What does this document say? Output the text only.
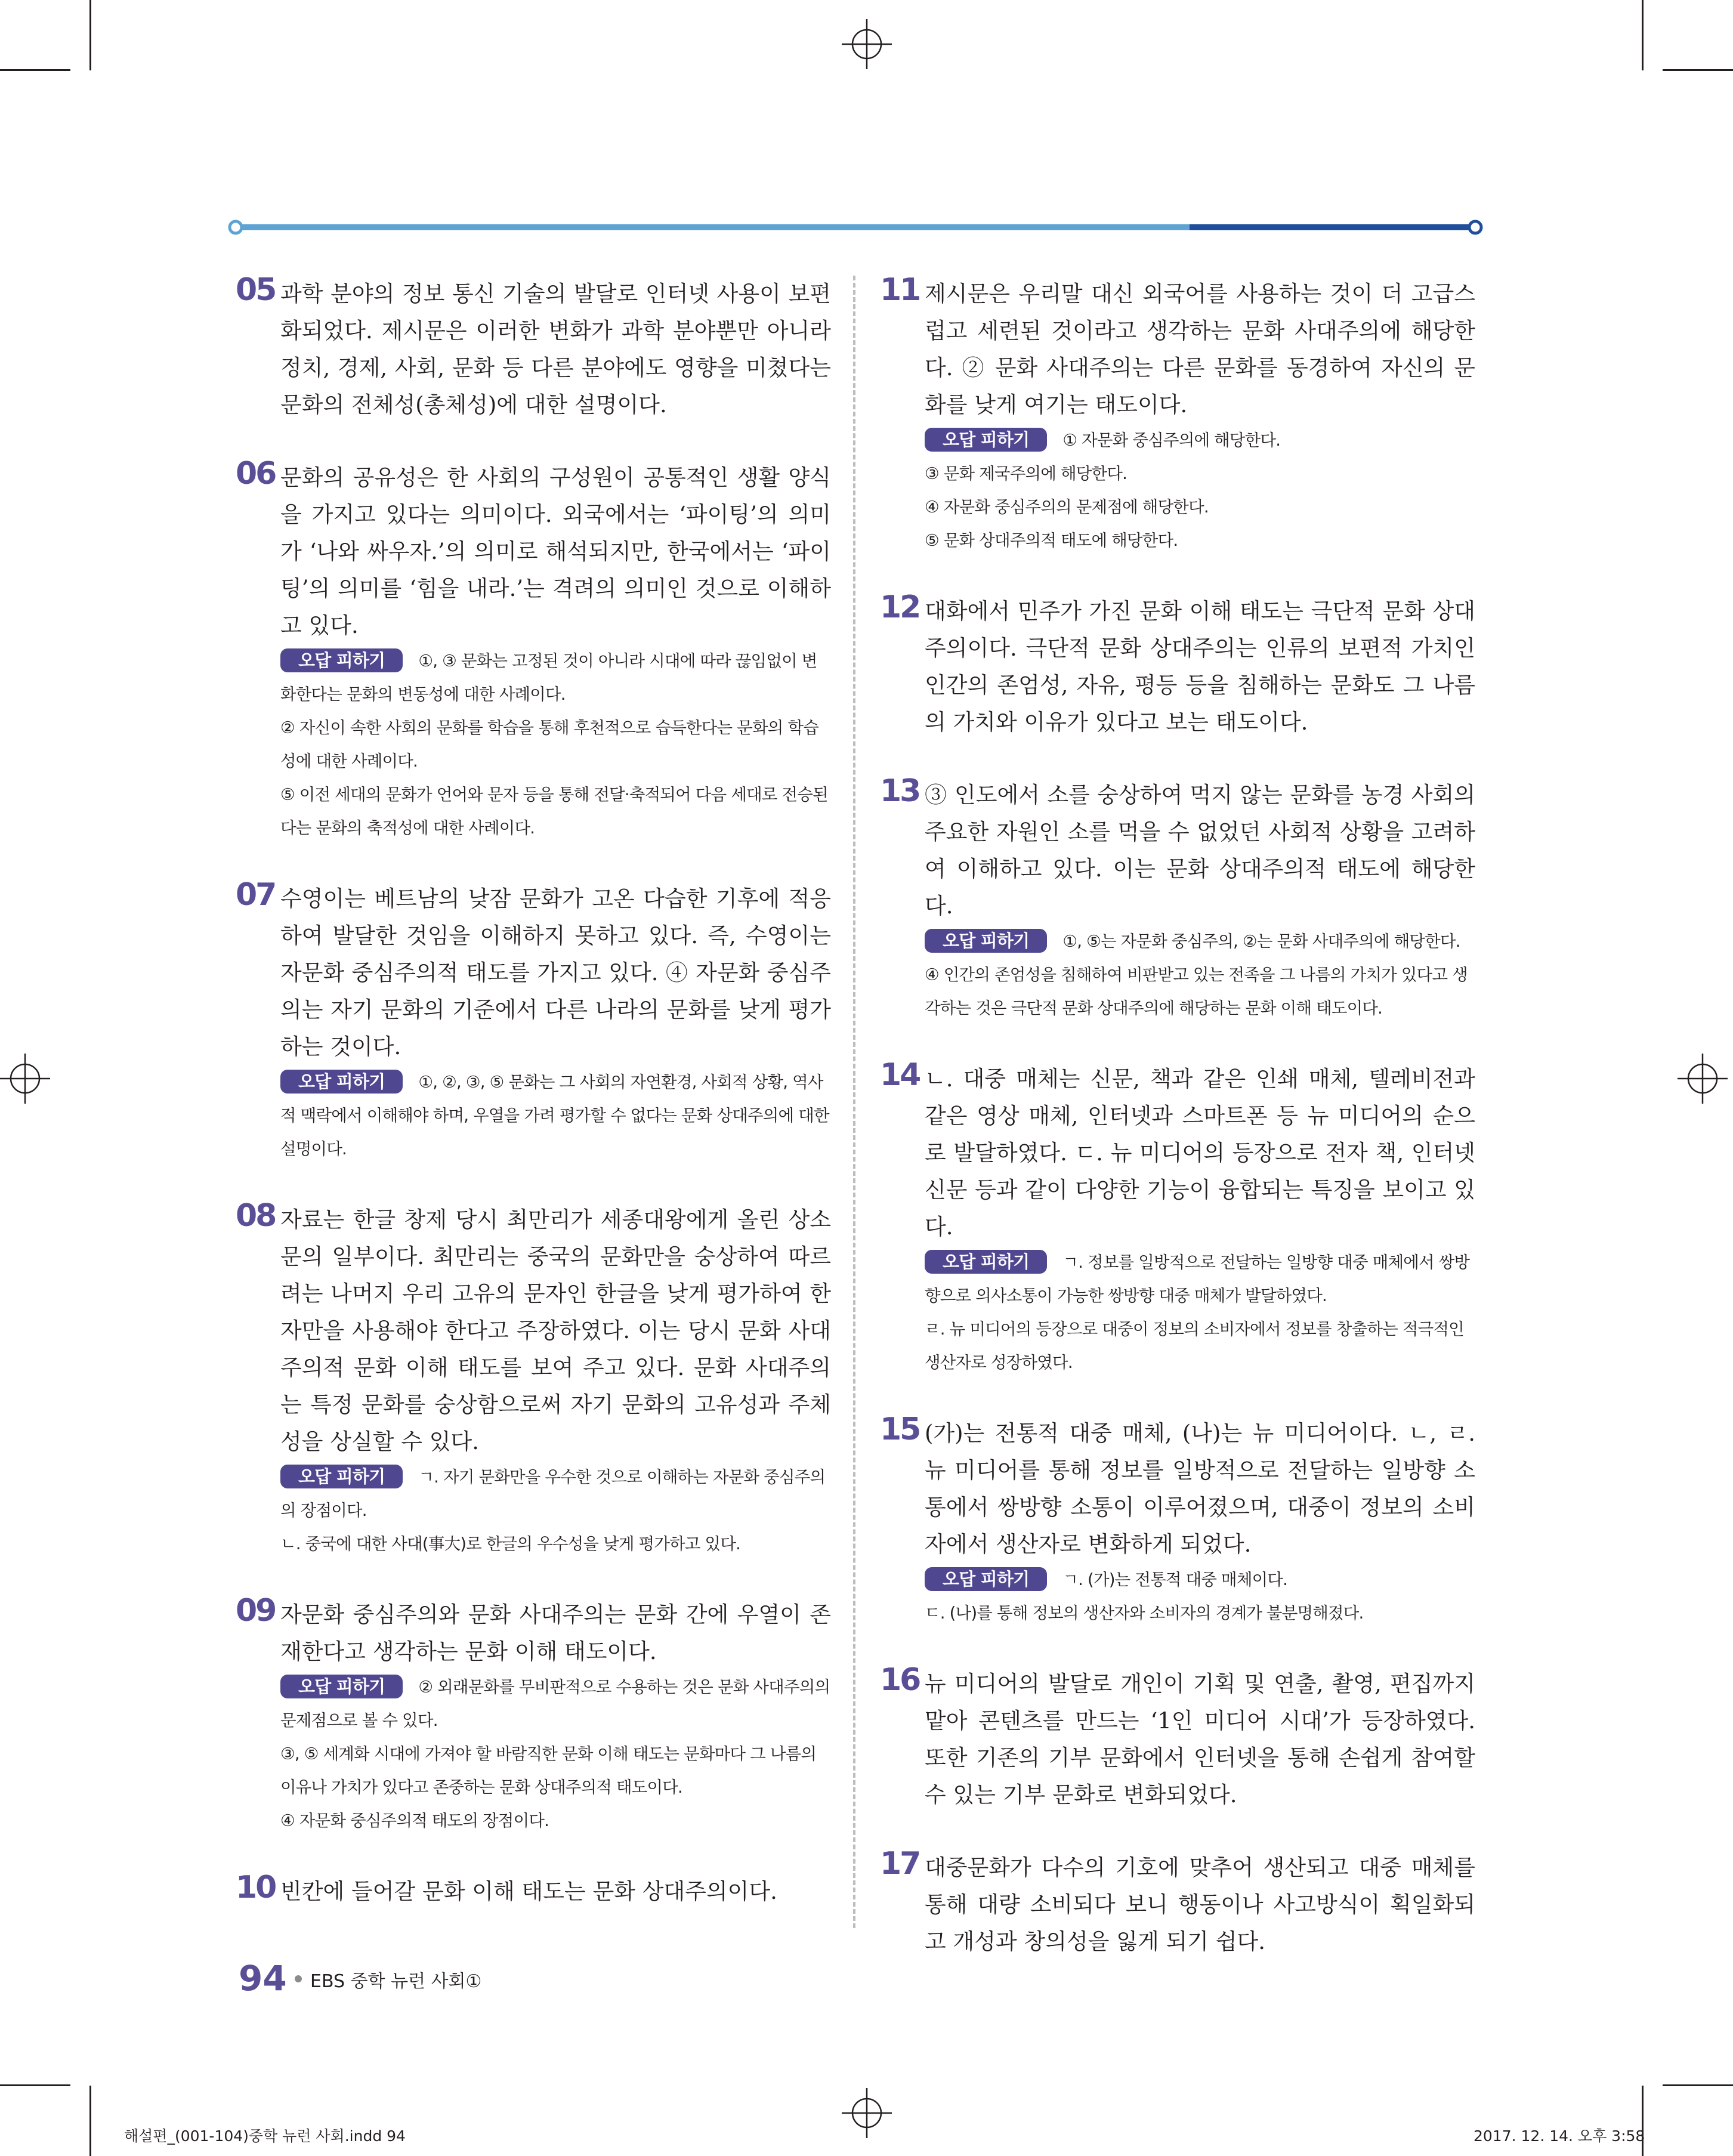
05 과학 분야의 정보 통신 기술의 발달로 인터넷 사용이 보편화되었다. 제시문은 이러한 변화가 과학 분야뿐만 아니라 정치, 경제, 사회, 문화 등 다른 분야에도 영향을 미쳤다는 문화의 전체성(총체성)에 대한 설명이다.
06 문화의 공유성은 한 사회의 구성원이 공통적인 생활 양식을 가지고 있다는 의미이다. 외국에서는 ‘파이팅’의 의미가 ‘나와 싸우자.’의 의미로 해석되지만, 한국에서는 ‘파이팅’의 의미를 ‘힘을 내라.’는 격려의 의미인 것으로 이해하고 있다.

오답 피하기 ①, ③ 문화는 고정된 것이 아니라 시대에 따라 끊임없이 변화한다는 문화의 변동성에 대한 사례이다.

② 자신이 속한 사회의 문화를 학습을 통해 후천적으로 습득한다는 문화의 학습성에 대한 사례이다.

⑤ 이전 세대의 문화가 언어와 문자 등을 통해 전달·축적되어 다음 세대로 전승된다는 문화의 축적성에 대한 사례이다.

07 수영이는 베트남의 낮잠 문화가 고온 다습한 기후에 적응하여 발달한 것임을 이해하지 못하고 있다. 즉, 수영이는 자문화 중심주의적 태도를 가지고 있다. ④ 자문화 중심주의는 자기 문화의 기준에서 다른 나라의 문화를 낮게 평가하는 것이다.

오답 피하기 ①, ②, ③, ⑤ 문화는 그 사회의 자연환경, 사회적 상황, 역사적 맥락에서 이해해야 하며, 우열을 가려 평가할 수 없다는 문화 상대주의에 대한 설명이다.

08 자료는 한글 창제 당시 최만리가 세종대왕에게 올린 상소문의 일부이다. 최만리는 중국의 문화만을 숭상하여 따르려는 나머지 우리 고유의 문자인 한글을 낮게 평가하여 한자만을 사용해야 한다고 주장하였다. 이는 당시 문화 사대주의적 문화 이해 태도를 보여 주고 있다. 문화 사대주의는 특정 문화를 숭상함으로써 자기 문화의 고유성과 주체성을 상실할 수 있다.

오답 피하기 ㄱ. 자기 문화만을 우수한 것으로 이해하는 자문화 중심주의의 장점이다.

ㄴ. 중국에 대한 사대(事大)로 한글의 우수성을 낮게 평가하고 있다.

09 자문화 중심주의와 문화 사대주의는 문화 간에 우열이 존재한다고 생각하는 문화 이해 태도이다.

오답 피하기 ② 외래문화를 무비판적으로 수용하는 것은 문화 사대주의의 문제점으로 볼 수 있다.

③, ⑤ 세계화 시대에 가져야 할 바람직한 문화 이해 태도는 문화마다 그 나름의 이유나 가치가 있다고 존중하는 문화 상대주의적 태도이다.

④ 자문화 중심주의적 태도의 장점이다.

10 빈칸에 들어갈 문화 이해 태도는 문화 상대주의이다.
11 제시문은 우리말 대신 외국어를 사용하는 것이 더 고급스럽고 세련된 것이라고 생각하는 문화 사대주의에 해당한다. ② 문화 사대주의는 다른 문화를 동경하여 자신의 문화를 낮게 여기는 태도이다.

오답 피하기 ① 자문화 중심주의에 해당한다.

③ 문화 제국주의에 해당한다.

④ 자문화 중심주의의 문제점에 해당한다.

⑤ 문화 상대주의적 태도에 해당한다.

12 대화에서 민주가 가진 문화 이해 태도는 극단적 문화 상대주의이다. 극단적 문화 상대주의는 인류의 보편적 가치인 인간의 존엄성, 자유, 평등 등을 침해하는 문화도 그 나름의 가치와 이유가 있다고 보는 태도이다.
13 ③ 인도에서 소를 숭상하여 먹지 않는 문화를 농경 사회의 주요한 자원인 소를 먹을 수 없었던 사회적 상황을 고려하여 이해하고 있다. 이는 문화 상대주의적 태도에 해당한다.

오답 피하기 ①, ⑤는 자문화 중심주의, ②는 문화 사대주의에 해당한다.

④ 인간의 존엄성을 침해하여 비판받고 있는 전족을 그 나름의 가치가 있다고 생각하는 것은 극단적 문화 상대주의에 해당하는 문화 이해 태도이다.

14 ㄴ. 대중 매체는 신문, 책과 같은 인쇄 매체, 텔레비전과 같은 영상 매체, 인터넷과 스마트폰 등 뉴 미디어의 순으로 발달하였다. ㄷ. 뉴 미디어의 등장으로 전자 책, 인터넷 신문 등과 같이 다양한 기능이 융합되는 특징을 보이고 있다.

오답 피하기 ㄱ. 정보를 일방적으로 전달하는 일방향 대중 매체에서 쌍방향으로 의사소통이 가능한 쌍방향 대중 매체가 발달하였다.

ㄹ. 뉴 미디어의 등장으로 대중이 정보의 소비자에서 정보를 창출하는 적극적인 생산자로 성장하였다.

15 (가)는 전통적 대중 매체, (나)는 뉴 미디어이다. ㄴ, ㄹ. 뉴 미디어를 통해 정보를 일방적으로 전달하는 일방향 소통에서 쌍방향 소통이 이루어졌으며, 대중이 정보의 소비자에서 생산자로 변화하게 되었다.

오답 피하기 ㄱ. (가)는 전통적 대중 매체이다.

ㄷ. (나)를 통해 정보의 생산자와 소비자의 경계가 불분명해졌다.

16 뉴 미디어의 발달로 개인이 기획 및 연출, 촬영, 편집까지 맡아 콘텐츠를 만드는 ‘1인 미디어 시대’가 등장하였다. 또한 기존의 기부 문화에서 인터넷을 통해 손쉽게 참여할 수 있는 기부 문화로 변화되었다.
17 대중문화가 다수의 기호에 맞추어 생산되고 대중 매체를 통해 대량 소비되다 보니 행동이나 사고방식이 획일화되고 개성과 창의성을 잃게 되기 쉽다.
94 EBS 중학 뉴런 사회①
해설편_(001-104)중학 뉴런 사회.indd 94	2017. 12. 14. 오후 3:58
